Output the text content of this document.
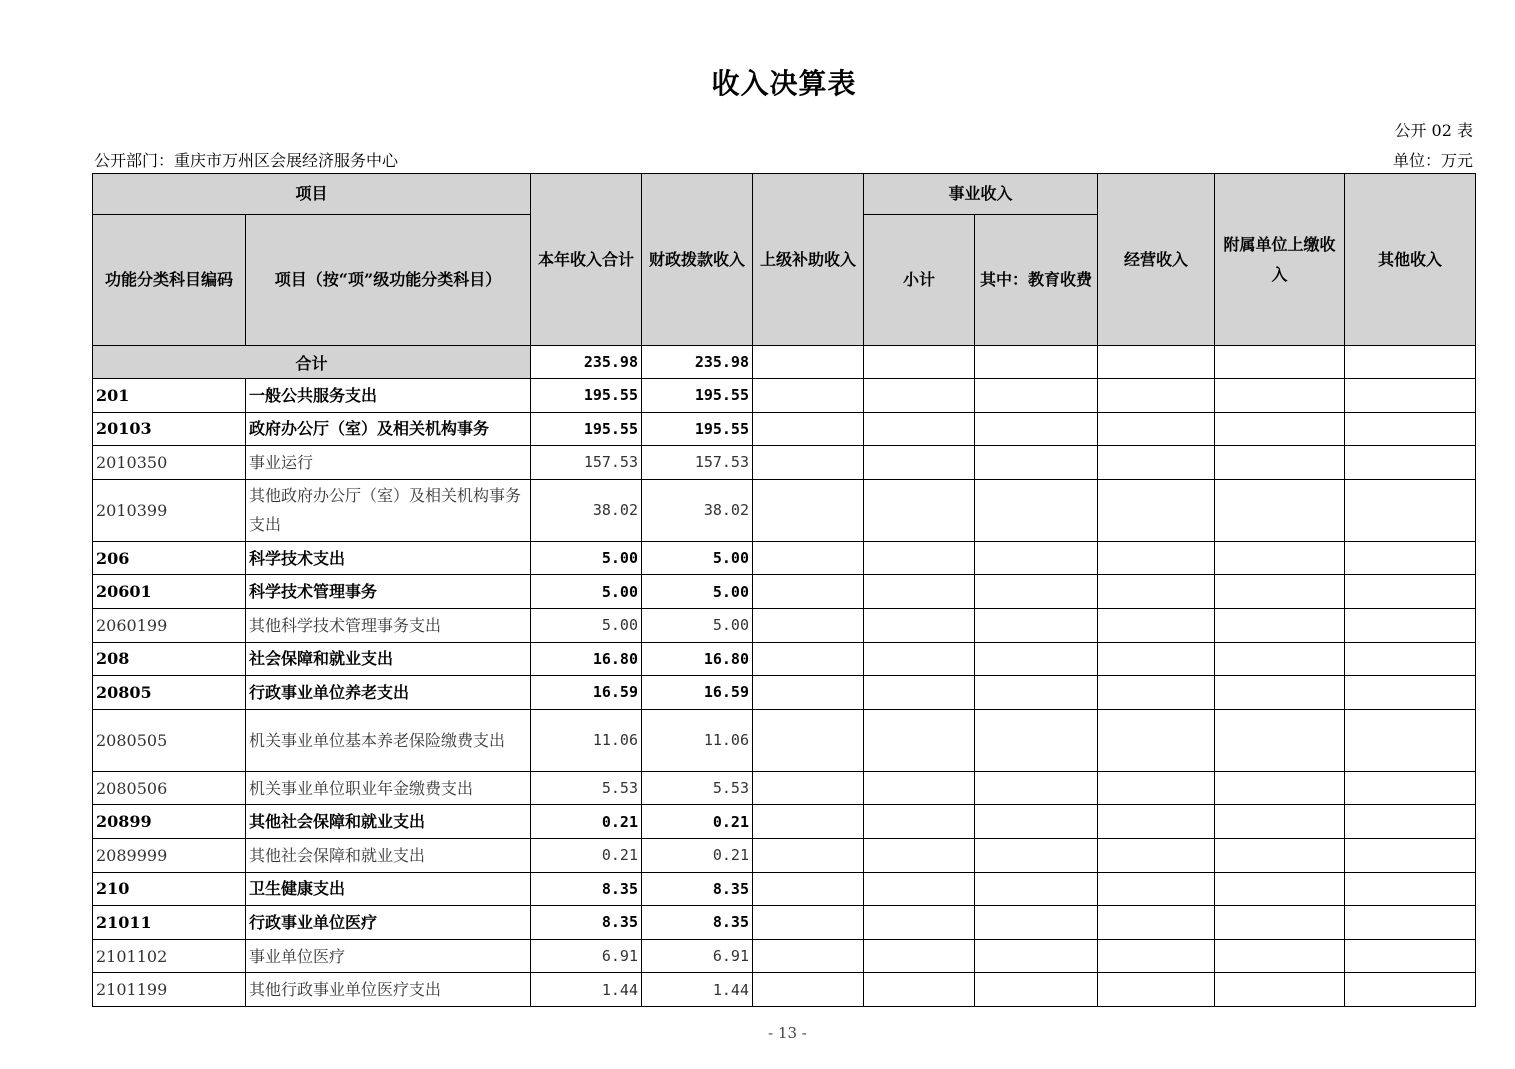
收入决算表
公开 02 表
公开部门：重庆市万州区会展经济服务中心	单位：万元
项目		本年收入合计	财政拨款收入	上级补助收入	事业收入		经营收入	附属单位上缴收入	其他收入
功能分类科目编码	项目（按“项”级功能分类科目）				小计	其中：教育收费			
合计		235.98	235.98						
201	一般公共服务支出	195.55	195.55						
20103	政府办公厅（室）及相关机构事务	195.55	195.55						
2010350	事业运行	157.53	157.53						
2010399	其他政府办公厅（室）及相关机构事务支出	38.02	38.02						
206	科学技术支出	5.00	5.00						
20601	科学技术管理事务	5.00	5.00						
2060199	其他科学技术管理事务支出	5.00	5.00						
208	社会保障和就业支出	16.80	16.80						
20805	行政事业单位养老支出	16.59	16.59						
2080505	机关事业单位基本养老保险缴费支出	11.06	11.06						
2080506	机关事业单位职业年金缴费支出	5.53	5.53						
20899	其他社会保障和就业支出	0.21	0.21						
2089999	其他社会保障和就业支出	0.21	0.21						
210	卫生健康支出	8.35	8.35						
21011	行政事业单位医疗	8.35	8.35						
2101102	事业单位医疗	6.91	6.91						
2101199	其他行政事业单位医疗支出	1.44	1.44						
- 13 -
